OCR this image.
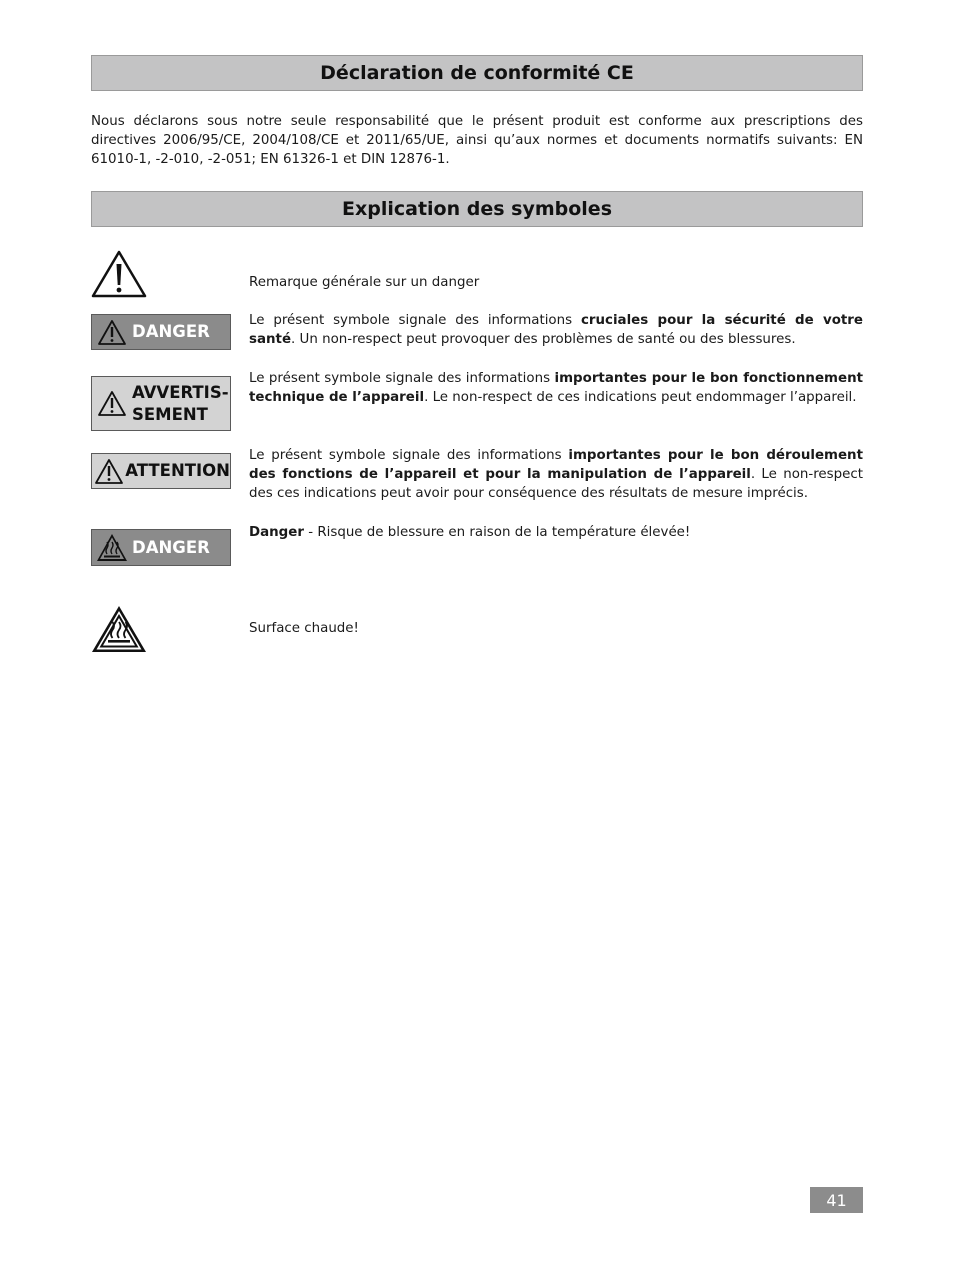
Déclaration de conformité CE
Nous déclarons sous notre seule responsabilité que le présent produit est conforme aux prescriptions des directives 2006/95/CE, 2004/108/CE et 2011/65/UE, ainsi qu’aux normes et documents normatifs suivants: EN 61010-1, -2-010, -2-051; EN 61326-1 et DIN 12876-1.
Explication des symboles
Remarque générale sur un danger
DANGER
Le présent symbole signale des informations cruciales pour la sécurité de votre santé. Un non-respect peut provoquer des problèmes de santé ou des blessures.
AVVERTIS-
SEMENT
Le présent symbole signale des informations importantes pour le bon fonctionnement technique de l’appareil. Le non-respect de ces indications peut endommager l’appareil.
ATTENTION
Le présent symbole signale des informations importantes pour le bon déroulement des fonctions de l’appareil et pour la manipulation de l’appareil. Le non-respect des ces indications peut avoir pour conséquence des résultats de mesure imprécis.
DANGER
Danger - Risque de blessure en raison de la température élevée!
Surface chaude!
41
